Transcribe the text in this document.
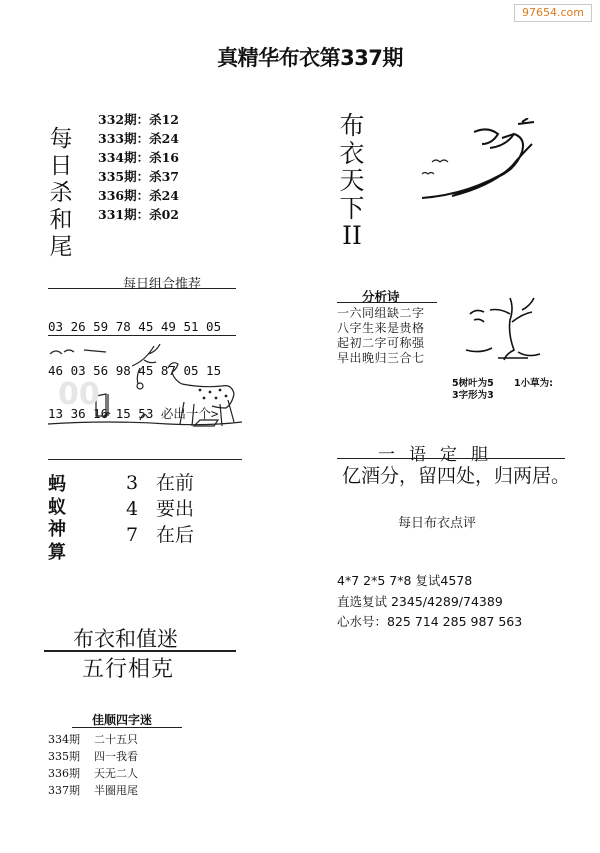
97654.com
真精华布衣第337期
每
日
杀
和
尾
332期：杀12
333期：杀24
334期：杀16
335期：杀37
336期：杀24
331期：杀02
每日组合推荐

03 26 59 78 45 49 51 05

46 03 56 98 45 87 05 15

13 36 16 15 53 必出一个>

00
蚂
蚁
神
算
3 在前
4 要出
7 在后
布
衣
天
下
II
分析诗
一六同组缺二字
八字生来是贵格
起初二字可称强
早出晚归三合七
5树叶为5 1小草为:
3字形为3
一语定胆
亿酒分，留四处，归两居。
每日布衣点评
4*7 2*5 7*8 复试4578
直选复试 2345/4289/74389
心水号：825 714 285 987 563
布衣和值迷
五行相克
佳顺四字迷
334期 二十五只
335期 四一我看
336期 天无二人
337期 半圈甩尾
